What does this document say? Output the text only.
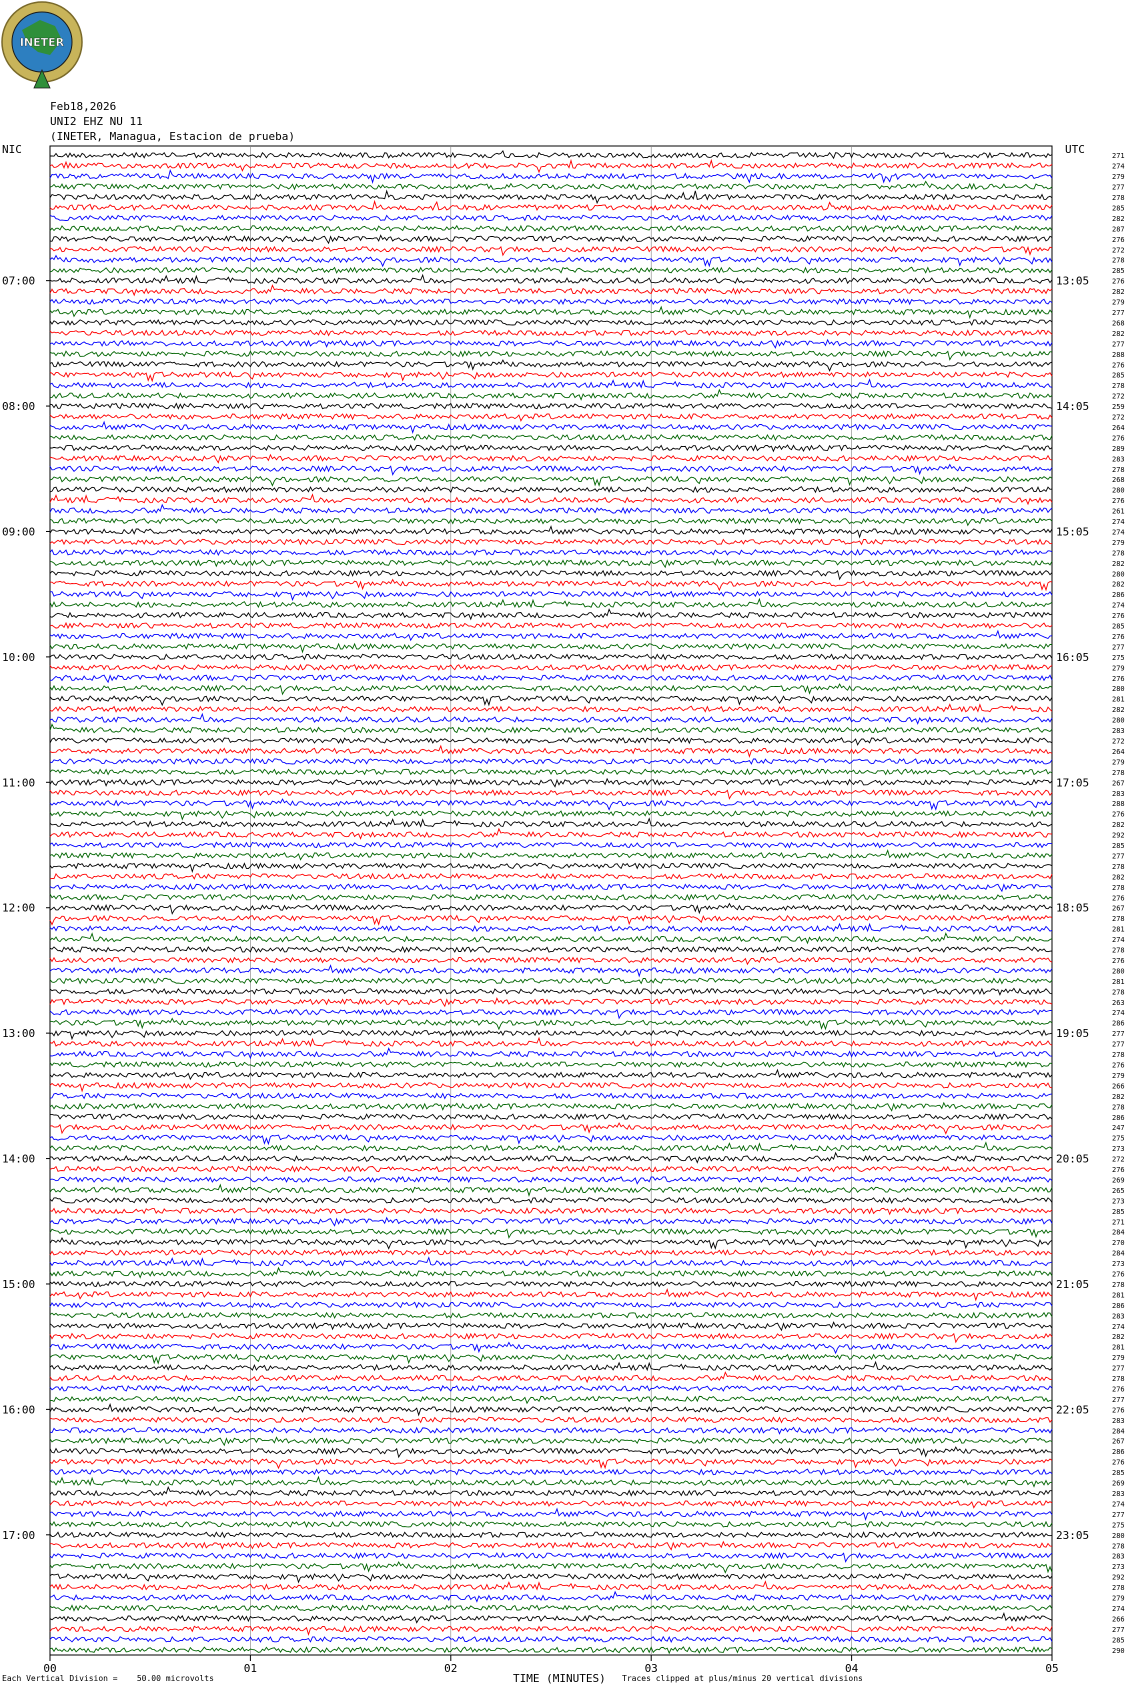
INETER
Feb18,2026
UNI2 EHZ NU 11
(INETER, Managua, Estacion de prueba)
NIC
07:00
08:00
09:00
10:00
11:00
12:00
13:00
14:00
15:00
16:00
17:00
UTC
13:05
14:05
15:05
16:05
17:05
18:05
19:05
20:05
21:05
22:05
23:05
271
274
279
277
278
285
282
287
276
272
278
285
276
282
279
277
268
282
277
288
276
285
278
272
259
272
264
276
289
283
278
268
280
276
261
274
274
279
278
282
280
282
286
274
276
285
276
277
275
279
276
280
281
282
280
283
272
264
279
278
267
283
288
276
282
292
285
277
278
282
278
276
267
278
281
274
278
276
280
281
278
263
274
286
277
277
278
276
279
266
282
278
286
247
275
273
272
276
269
265
273
285
271
284
270
284
273
276
278
281
286
283
274
282
281
279
277
278
276
277
276
283
284
267
286
276
285
269
283
274
277
275
280
278
283
273
292
278
279
274
266
277
285
290
00	01	02	03	04	05
Each Vertical Division =    50.00 microvolts	TIME (MINUTES) Traces clipped at plus/minus 20 vertical divisions
